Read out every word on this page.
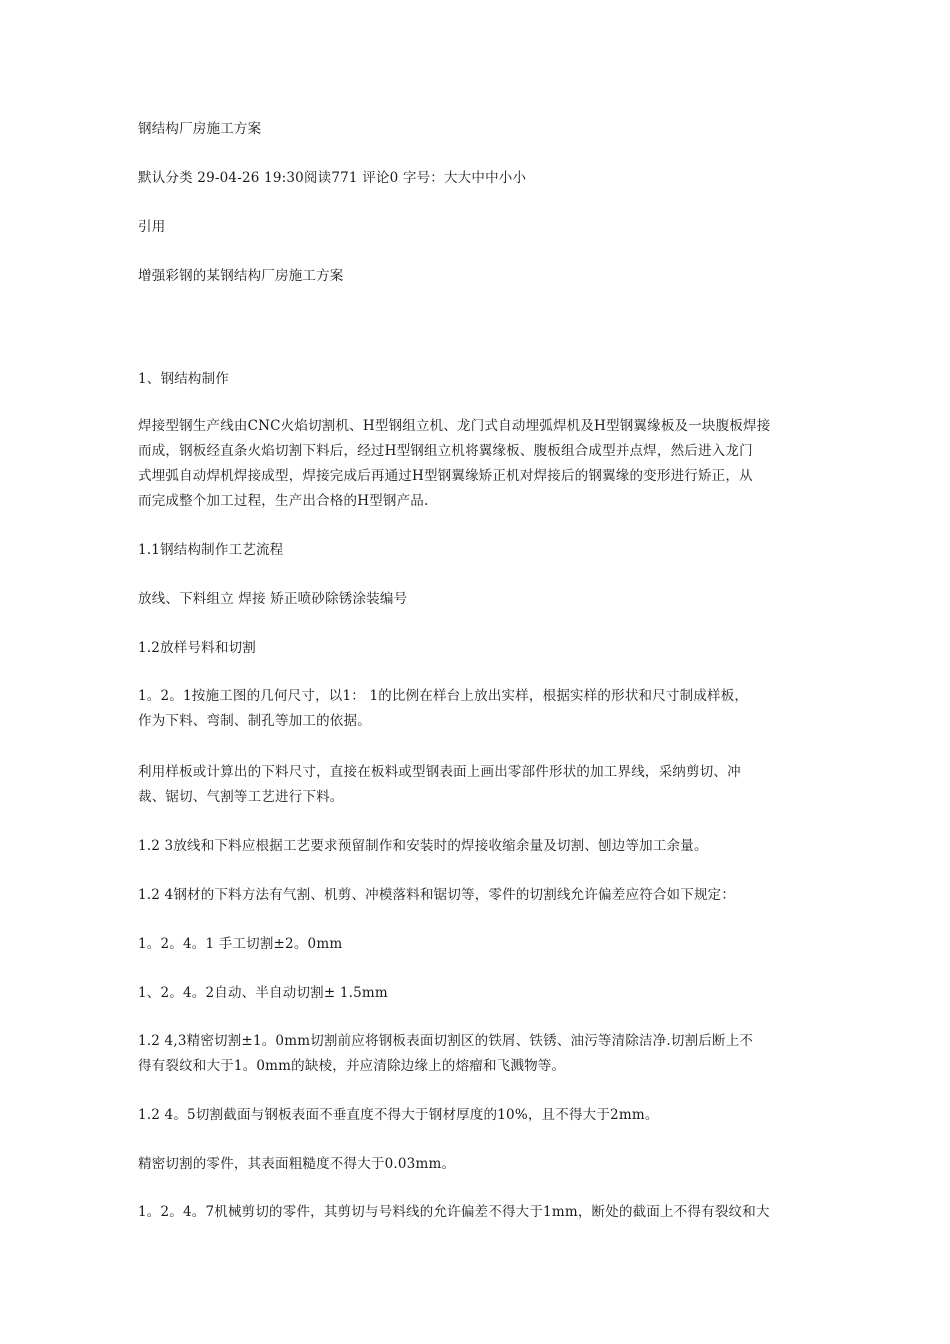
钢结构厂房施工方案

默认分类 29-04-26 19:30阅读771 评论0 字号：大大中中小小

引用

增强彩钢的某钢结构厂房施工方案

1、钢结构制作

焊接型钢生产线由CNC火焰切割机、H型钢组立机、龙门式自动埋弧焊机及H型钢翼缘板及一块腹板焊接
而成，钢板经直条火焰切割下料后，经过H型钢组立机将翼缘板、腹板组合成型并点焊，然后进入龙门
式埋弧自动焊机焊接成型，焊接完成后再通过H型钢翼缘矫正机对焊接后的钢翼缘的变形进行矫正，从
而完成整个加工过程，生产出合格的H型钢产品.

1.1钢结构制作工艺流程

放线、下料组立 焊接 矫正喷砂除锈涂装编号

1.2放样号料和切割

1。2。1按施工图的几何尺寸，以1： 1的比例在样台上放出实样，根据实样的形状和尺寸制成样板，
作为下料、弯制、制孔等加工的依据。

利用样板或计算出的下料尺寸，直接在板料或型钢表面上画出零部件形状的加工界线，采纳剪切、冲
裁、锯切、气割等工艺进行下料。

1.2 3放线和下料应根据工艺要求预留制作和安装时的焊接收缩余量及切割、刨边等加工余量。

1.2 4钢材的下料方法有气割、机剪、冲模落料和锯切等，零件的切割线允许偏差应符合如下规定：

1。2。4。1 手工切割±2。0mm

1、2。4。2自动、半自动切割± 1.5mm

1.2 4,3精密切割±1。0mm切割前应将钢板表面切割区的铁屑、铁锈、油污等清除洁净.切割后断上不
得有裂纹和大于1。0mm的缺棱，并应清除边缘上的熔瘤和飞溅物等。

1.2 4。5切割截面与钢板表面不垂直度不得大于钢材厚度的10%，且不得大于2mm。

精密切割的零件，其表面粗糙度不得大于0.03mm。

1。2。4。7机械剪切的零件，其剪切与号料线的允许偏差不得大于1mm，断处的截面上不得有裂纹和大
